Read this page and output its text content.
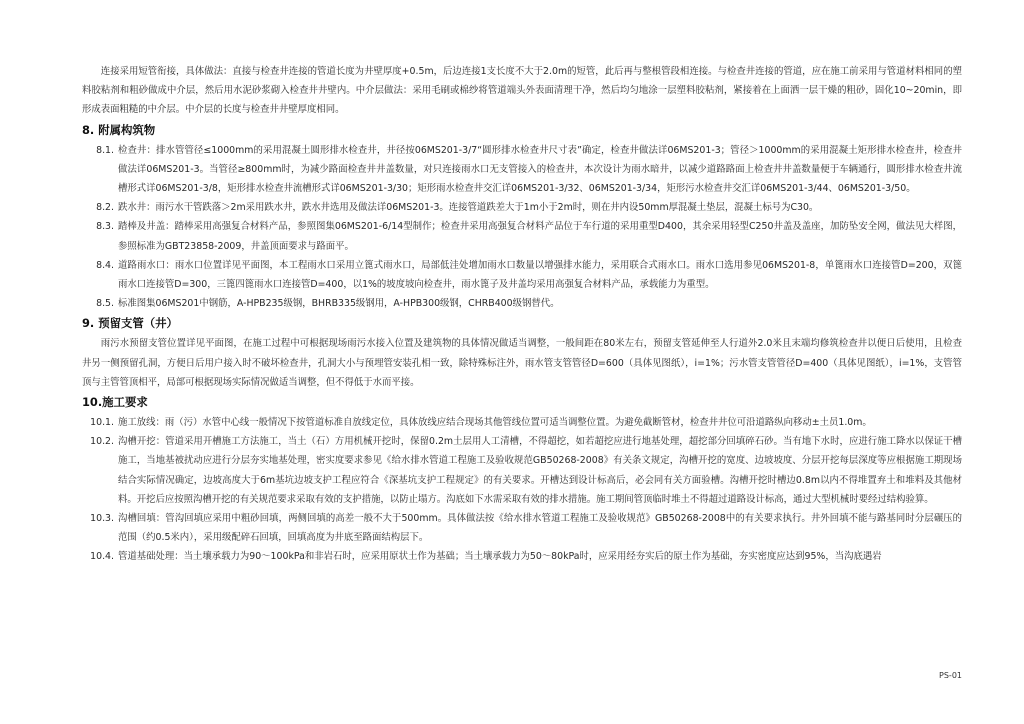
连接采用短管衔接，具体做法：直接与检查井连接的管道长度为井壁厚度+0.5m，后边连接1支长度不大于2.0m的短管，此后再与整根管段相连接。与检查井连接的管道，应在施工前采用与管道材料相同的塑料胶粘剂和粗砂做成中介层，然后用水泥砂浆砌入检查井井壁内。中介层做法：采用毛刷或棉纱将管道端头外表面清理干净，然后均匀地涂一层塑料胶粘剂，紧接着在上面洒一层干燥的粗砂，固化10~20min，即形成表面粗糙的中介层。中介层的长度与检查井井壁厚度相同。

8. 附属构筑物
8.1. 检查井：排水管管径≤1000mm的采用混凝土圆形排水检查井，井径按06MS201-3/7“圆形排水检查井尺寸表”确定，检查井做法详06MS201-3；管径＞1000mm的采用混凝土矩形排水检查井，检查井做法详06MS201-3。当管径≥800mm时，为减少路面检查井井盖数量，对只连接雨水口无支管接入的检查井，本次设计为雨水暗井，以减少道路路面上检查井井盖数量便于车辆通行，圆形排水检查井流槽形式详06MS201-3/8，矩形排水检查井流槽形式详06MS201-3/30；矩形雨水检查井交汇详06MS201-3/32、06MS201-3/34，矩形污水检查井交汇详06MS201-3/44、06MS201-3/50。
8.2. 跌水井：雨污水干管跌落＞2m采用跌水井，跌水井选用及做法详06MS201-3。连接管道跌差大于1m小于2m时，则在井内设50mm厚混凝土垫层，混凝土标号为C30。
8.3. 踏棒及井盖：踏棒采用高强复合材料产品，参照图集06MS201-6/14型制作；检查井采用高强复合材料产品位于车行道的采用重型D400，其余采用轻型C250井盖及盖座，加防坠安全网，做法见大样图，参照标准为GBT23858-2009，井盖顶面要求与路面平。
8.4. 道路雨水口：雨水口位置详见平面图，本工程雨水口采用立篦式雨水口，局部低洼处增加雨水口数量以增强排水能力，采用联合式雨水口。雨水口选用参见06MS201-8，单篦雨水口连接管D=200，双篦雨水口连接管D=300，三篦四篦雨水口连接管D=400，以1%的坡度坡向检查井，雨水篦子及井盖均采用高强复合材料产品，承载能力为重型。
8.5. 标准图集06MS201中钢筋，A-HPB235级钢，BHRB335级钢用，A-HPB300级钢，CHRB400级钢替代。
9. 预留支管（井）

雨污水预留支管位置详见平面图，在施工过程中可根据现场雨污水接入位置及建筑物的具体情况做适当调整，一般间距在80米左右，预留支管延伸至人行道外2.0米且末端均修筑检查井以便日后使用，且检查井另一侧预留孔洞，方便日后用户接入时不破坏检查井，孔洞大小与预埋管安装孔相一致，除特殊标注外，雨水管支管管径D=600（具体见图纸），i=1%；污水管支管管径D=400（具体见图纸），i=1%，支管管顶与主管管顶相平，局部可根据现场实际情况做适当调整，但不得低于水而平接。

10.施工要求
10.1. 施工放线：雨（污）水管中心线一般情况下按管道标准自放线定位，具体放线应结合现场其他管线位置可适当调整位置。为避免截断管材，检查井井位可沿道路纵向移动±土员1.0m。
10.2. 沟槽开挖：管道采用开槽施工方法施工，当土（石）方用机械开挖时，保留0.2m土层用人工清槽，不得超挖，如若超挖应进行地基处理，超挖部分回填碎石砂。当有地下水时，应进行施工降水以保证干槽施工，当地基被扰动应进行分层夯实地基处理，密实度要求参见《给水排水管道工程施工及验收规范GB50268-2008》有关条文规定，沟槽开挖的宽度、边坡坡度、分层开挖每层深度等应根据施工期现场结合实际情况确定，边坡高度大于6m基坑边坡支护工程应符合《深基坑支护工程规定》的有关要求。开槽达到设计标高后，必会同有关方面验槽。沟槽开挖时槽边0.8m以内不得堆置弃土和堆料及其他材料。开挖后应按照沟槽开挖的有关规范要求采取有效的支护措施，以防止塌方。沟底如下水需采取有效的排水措施。施工期间管顶临时堆土不得超过道路设计标高，通过大型机械时要经过结构验算。
10.3. 沟槽回填：管沟回填应采用中粗砂回填，两侧回填的高差一般不大于500mm。具体做法按《给水排水管道工程施工及验收规范》GB50268-2008中的有关要求执行。井外回填不能与路基同时分层碾压的范围（约0.5米内），采用级配碎石回填，回填高度为井底至路面结构层下。
10.4. 管道基础处理：当土壤承载力为90～100kPa和非岩石时，应采用原状土作为基础；当土壤承载力为50～80kPa时，应采用经夯实后的原土作为基础，夯实密度应达到95%，当沟底遇岩
PS-01
